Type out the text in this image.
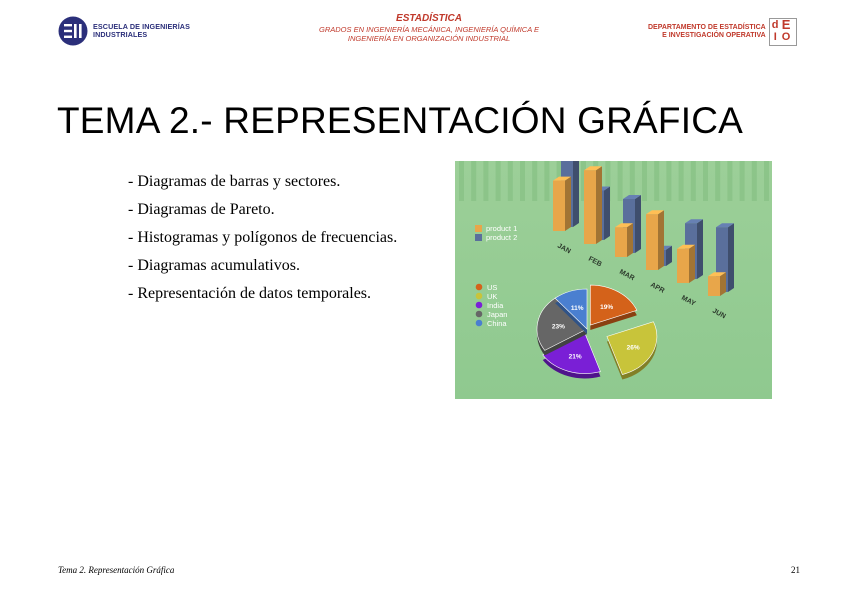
ESCUELA DE INGENIERÍAS
INDUSTRIALES
ESTADÍSTICA
GRADOS EN INGENIERÍA MECÁNICA, INGENIERÍA QUÍMICA E
INGENIERÍA EN ORGANIZACIÓN INDUSTRIAL
DEPARTAMENTO DE ESTADÍSTICA
E INVESTIGACIÓN OPERATIVA
d E
I O
TEMA 2.- REPRESENTACIÓN GRÁFICA
- Diagramas de barras y sectores.
- Diagramas de Pareto.
- Histogramas y polígonos de frecuencias.
- Diagramas acumulativos.
- Representación de datos temporales.
JAN
FEB
MAR
APR
MAY
JUN
product 1
product 2
19%
26%
21%
23%
11%
US
UK
India
Japan
China
Tema 2. Representación Gráfica	21
